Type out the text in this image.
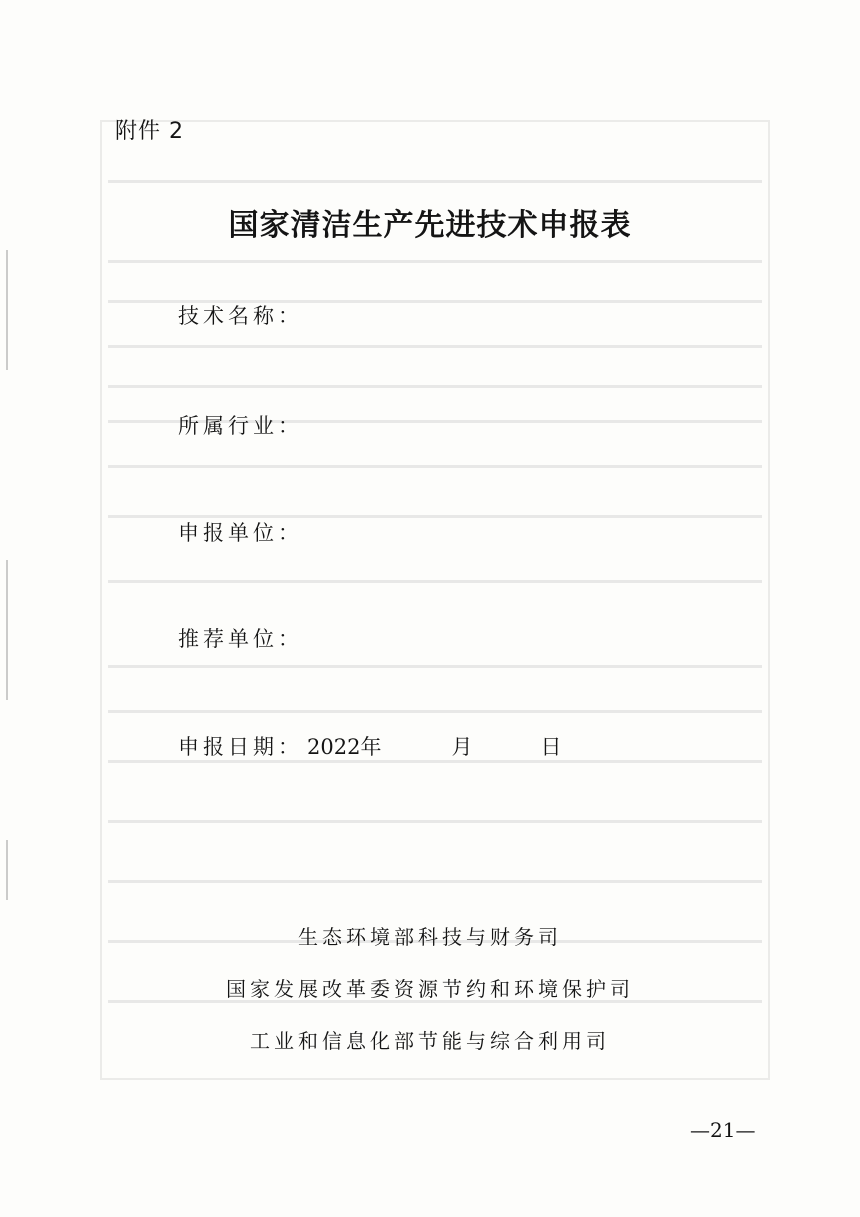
附件 2
国家清洁生产先进技术申报表
技术名称：
所属行业：
申报单位：
推荐单位：
申报日期： 2022年	月	日
生态环境部科技与财务司
国家发展改革委资源节约和环境保护司
工业和信息化部节能与综合利用司
—21—
